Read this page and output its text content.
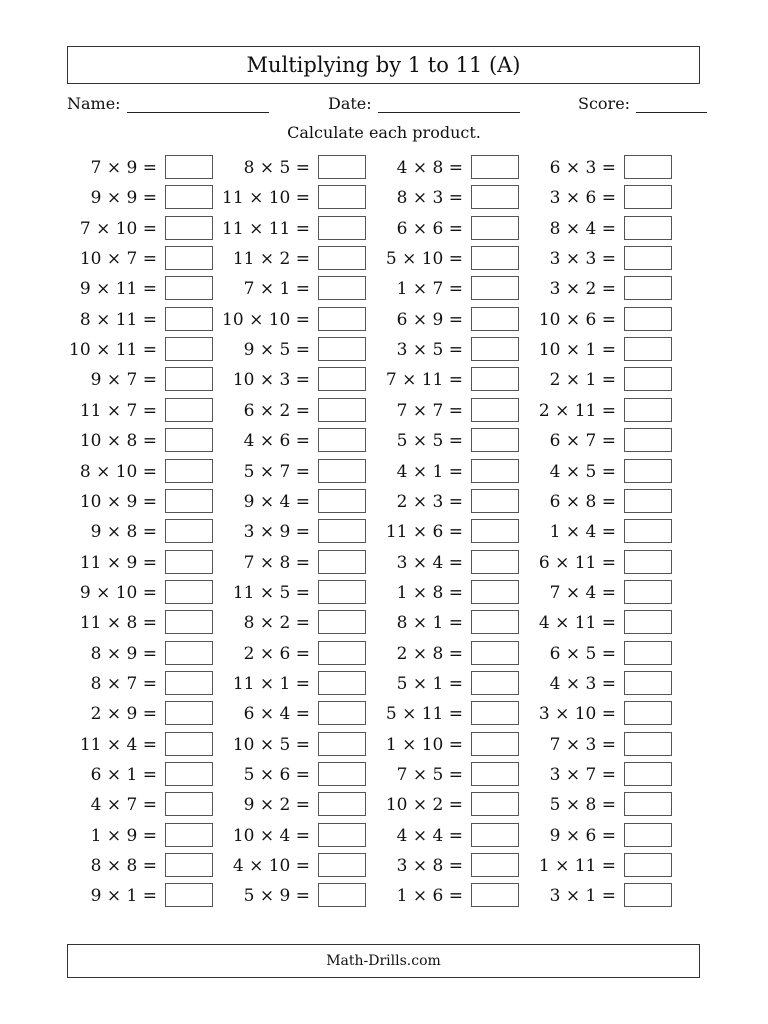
Multiplying by 1 to 11 (A)
Name:	Date:	Score:
Calculate each product.
7 × 9 =
9 × 9 =
7 × 10 =
10 × 7 =
9 × 11 =
8 × 11 =
10 × 11 =
9 × 7 =
11 × 7 =
10 × 8 =
8 × 10 =
10 × 9 =
9 × 8 =
11 × 9 =
9 × 10 =
11 × 8 =
8 × 9 =
8 × 7 =
2 × 9 =
11 × 4 =
6 × 1 =
4 × 7 =
1 × 9 =
8 × 8 =
9 × 1 =
8 × 5 =
11 × 10 =
11 × 11 =
11 × 2 =
7 × 1 =
10 × 10 =
9 × 5 =
10 × 3 =
6 × 2 =
4 × 6 =
5 × 7 =
9 × 4 =
3 × 9 =
7 × 8 =
11 × 5 =
8 × 2 =
2 × 6 =
11 × 1 =
6 × 4 =
10 × 5 =
5 × 6 =
9 × 2 =
10 × 4 =
4 × 10 =
5 × 9 =
4 × 8 =
8 × 3 =
6 × 6 =
5 × 10 =
1 × 7 =
6 × 9 =
3 × 5 =
7 × 11 =
7 × 7 =
5 × 5 =
4 × 1 =
2 × 3 =
11 × 6 =
3 × 4 =
1 × 8 =
8 × 1 =
2 × 8 =
5 × 1 =
5 × 11 =
1 × 10 =
7 × 5 =
10 × 2 =
4 × 4 =
3 × 8 =
1 × 6 =
6 × 3 =
3 × 6 =
8 × 4 =
3 × 3 =
3 × 2 =
10 × 6 =
10 × 1 =
2 × 1 =
2 × 11 =
6 × 7 =
4 × 5 =
6 × 8 =
1 × 4 =
6 × 11 =
7 × 4 =
4 × 11 =
6 × 5 =
4 × 3 =
3 × 10 =
7 × 3 =
3 × 7 =
5 × 8 =
9 × 6 =
1 × 11 =
3 × 1 =
Math-Drills.com
